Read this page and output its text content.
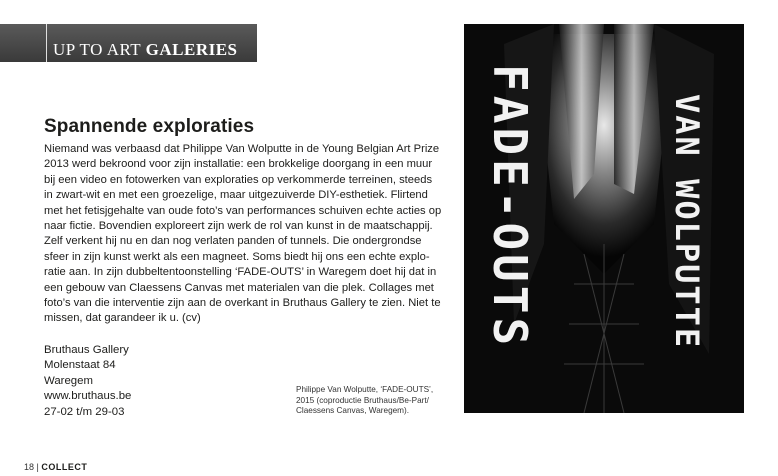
UP TO ART GALERIES
Spannende exploraties
Niemand was verbaasd dat Philippe Van Wolputte in de Young Belgian Art Prize
2013 werd bekroond voor zijn installatie: een brokkelige doorgang in een muur
bij een video en fotowerken van exploraties op verkommerde terreinen, steeds
in zwart-wit en met een groezelige, maar uitgezuiverde DIY-esthetiek. Flirtend
met het fetisjgehalte van oude foto’s van performances schuiven echte acties op
naar fictie. Bovendien exploreert zijn werk de rol van kunst in de maatschappij.
Zelf verkent hij nu en dan nog verlaten panden of tunnels. Die ondergrondse
sfeer in zijn kunst werkt als een magneet. Soms biedt hij ons een echte explo-
ratie aan. In zijn dubbeltentoonstelling ‘FADE-OUTS’ in Waregem doet hij dat in
een gebouw van Claessens Canvas met materialen van die plek. Collages met
foto’s van die interventie zijn aan de overkant in Bruthaus Gallery te zien. Niet te
missen, dat garandeer ik u. (cv)
Bruthaus Gallery
Molenstaat 84
Waregem
www.bruthaus.be
27-02 t/m 29-03
Philippe Van Wolputte, ‘FADE-OUTS’,
2015 (coproductie Bruthaus/Be-Part/
Claessens Canvas, Waregem).
FADE-OUTS	VAN WOLPUTTE
18 | COLLECT
